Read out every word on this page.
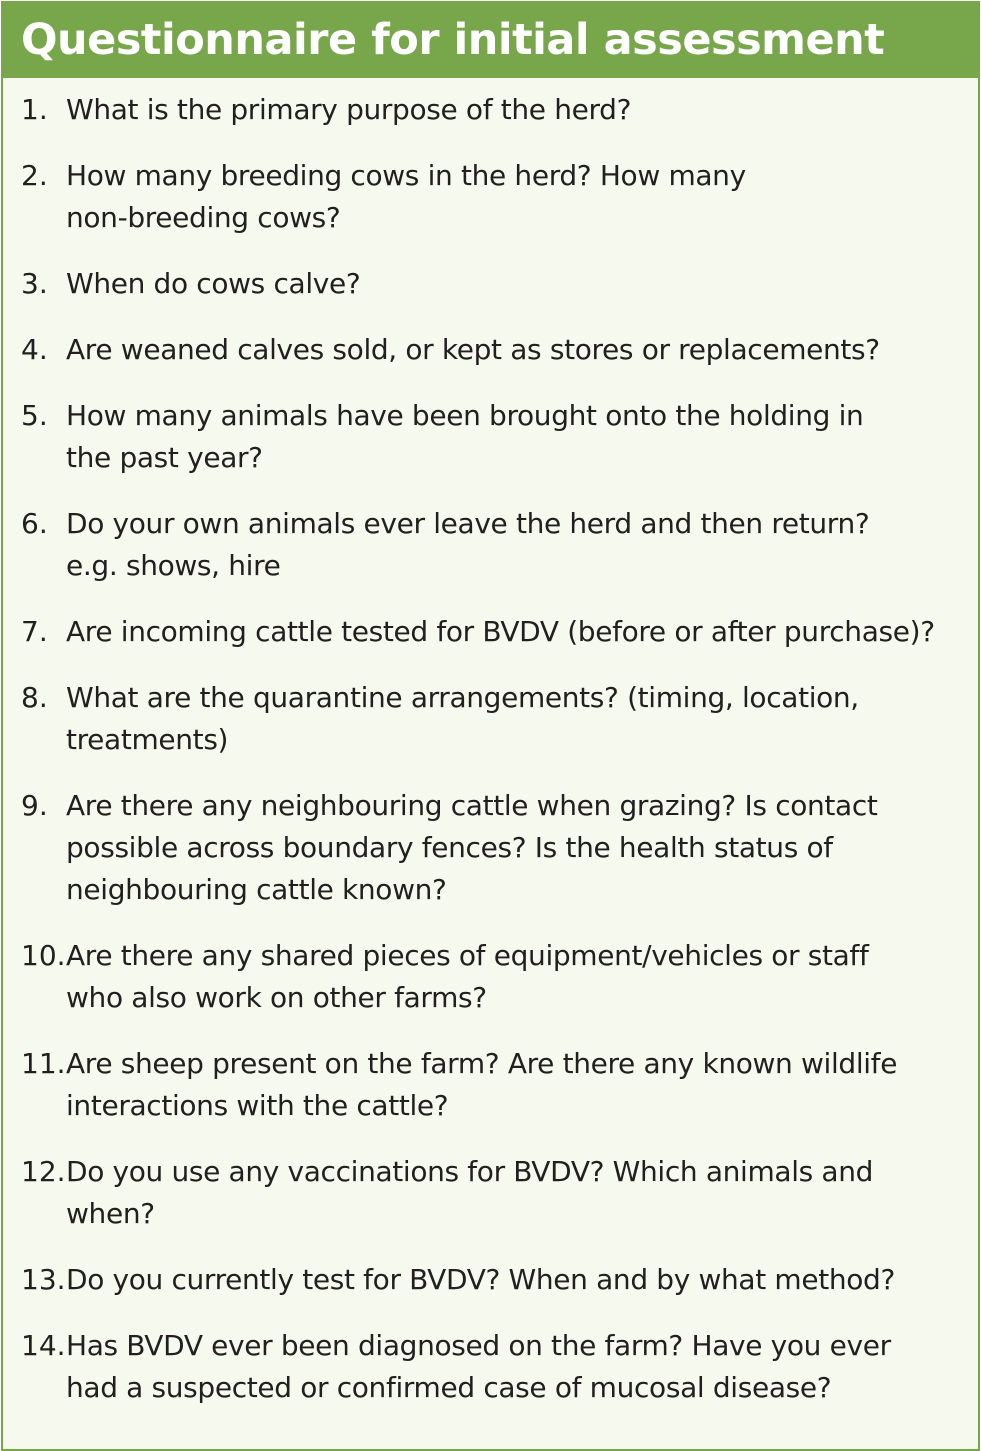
Questionnaire for initial assessment
1. What is the primary purpose of the herd?
2. How many breeding cows in the herd? How many
non-breeding cows?
3. When do cows calve?
4. Are weaned calves sold, or kept as stores or replacements?
5. How many animals have been brought onto the holding in
the past year?
6. Do your own animals ever leave the herd and then return?
e.g. shows, hire
7. Are incoming cattle tested for BVDV (before or after purchase)?
8. What are the quarantine arrangements? (timing, location,
treatments)
9. Are there any neighbouring cattle when grazing? Is contact
possible across boundary fences? Is the health status of
neighbouring cattle known?
10. Are there any shared pieces of equipment/vehicles or staff
who also work on other farms?
11. Are sheep present on the farm? Are there any known wildlife
interactions with the cattle?
12. Do you use any vaccinations for BVDV? Which animals and
when?
13. Do you currently test for BVDV? When and by what method?
14. Has BVDV ever been diagnosed on the farm? Have you ever
had a suspected or confirmed case of mucosal disease?
